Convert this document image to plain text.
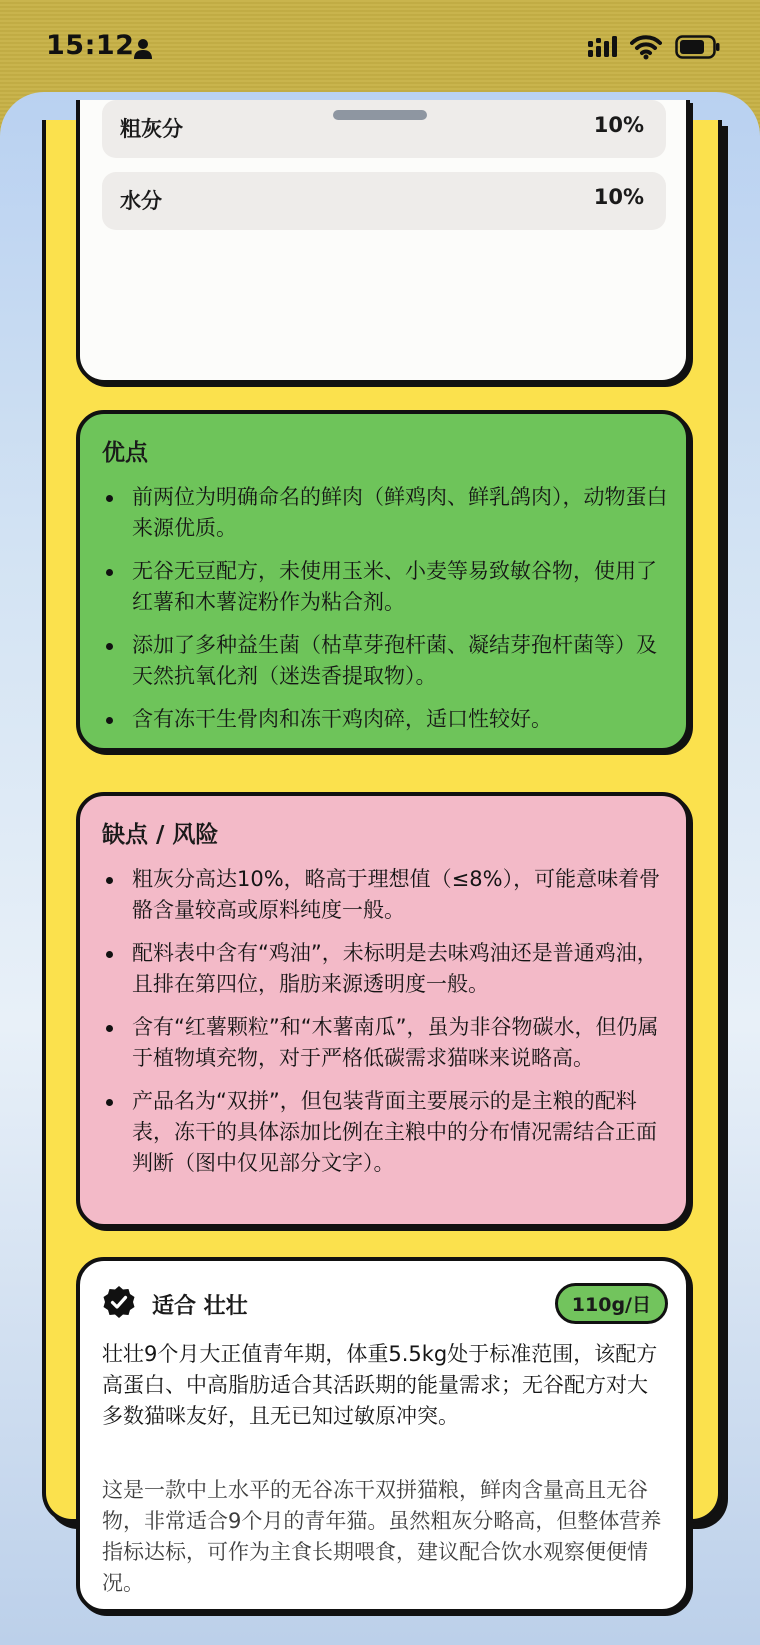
15:12
粗灰分	10%
水分	10%
优点
前两位为明确命名的鲜肉（鲜鸡肉、鲜乳鸽肉），动物蛋白来源优质。
无谷无豆配方，未使用玉米、小麦等易致敏谷物，使用了红薯和木薯淀粉作为粘合剂。
添加了多种益生菌（枯草芽孢杆菌、凝结芽孢杆菌等）及天然抗氧化剂（迷迭香提取物）。
含有冻干生骨肉和冻干鸡肉碎，适口性较好。
缺点 / 风险
粗灰分高达10%，略高于理想值（≤8%），可能意味着骨骼含量较高或原料纯度一般。
配料表中含有“鸡油”，未标明是去味鸡油还是普通鸡油，且排在第四位，脂肪来源透明度一般。
含有“红薯颗粒”和“木薯南瓜”，虽为非谷物碳水，但仍属于植物填充物，对于严格低碳需求猫咪来说略高。
产品名为“双拼”，但包装背面主要展示的是主粮的配料表，冻干的具体添加比例在主粮中的分布情况需结合正面判断（图中仅见部分文字）。
适合 壮壮	110g/日

壮壮9个月大正值青年期，体重5.5kg处于标准范围，该配方高蛋白、中高脂肪适合其活跃期的能量需求；无谷配方对大多数猫咪友好，且无已知过敏原冲突。

这是一款中上水平的无谷冻干双拼猫粮，鲜肉含量高且无谷物，非常适合9个月的青年猫。虽然粗灰分略高，但整体营养指标达标，可作为主食长期喂食，建议配合饮水观察便便情况。
